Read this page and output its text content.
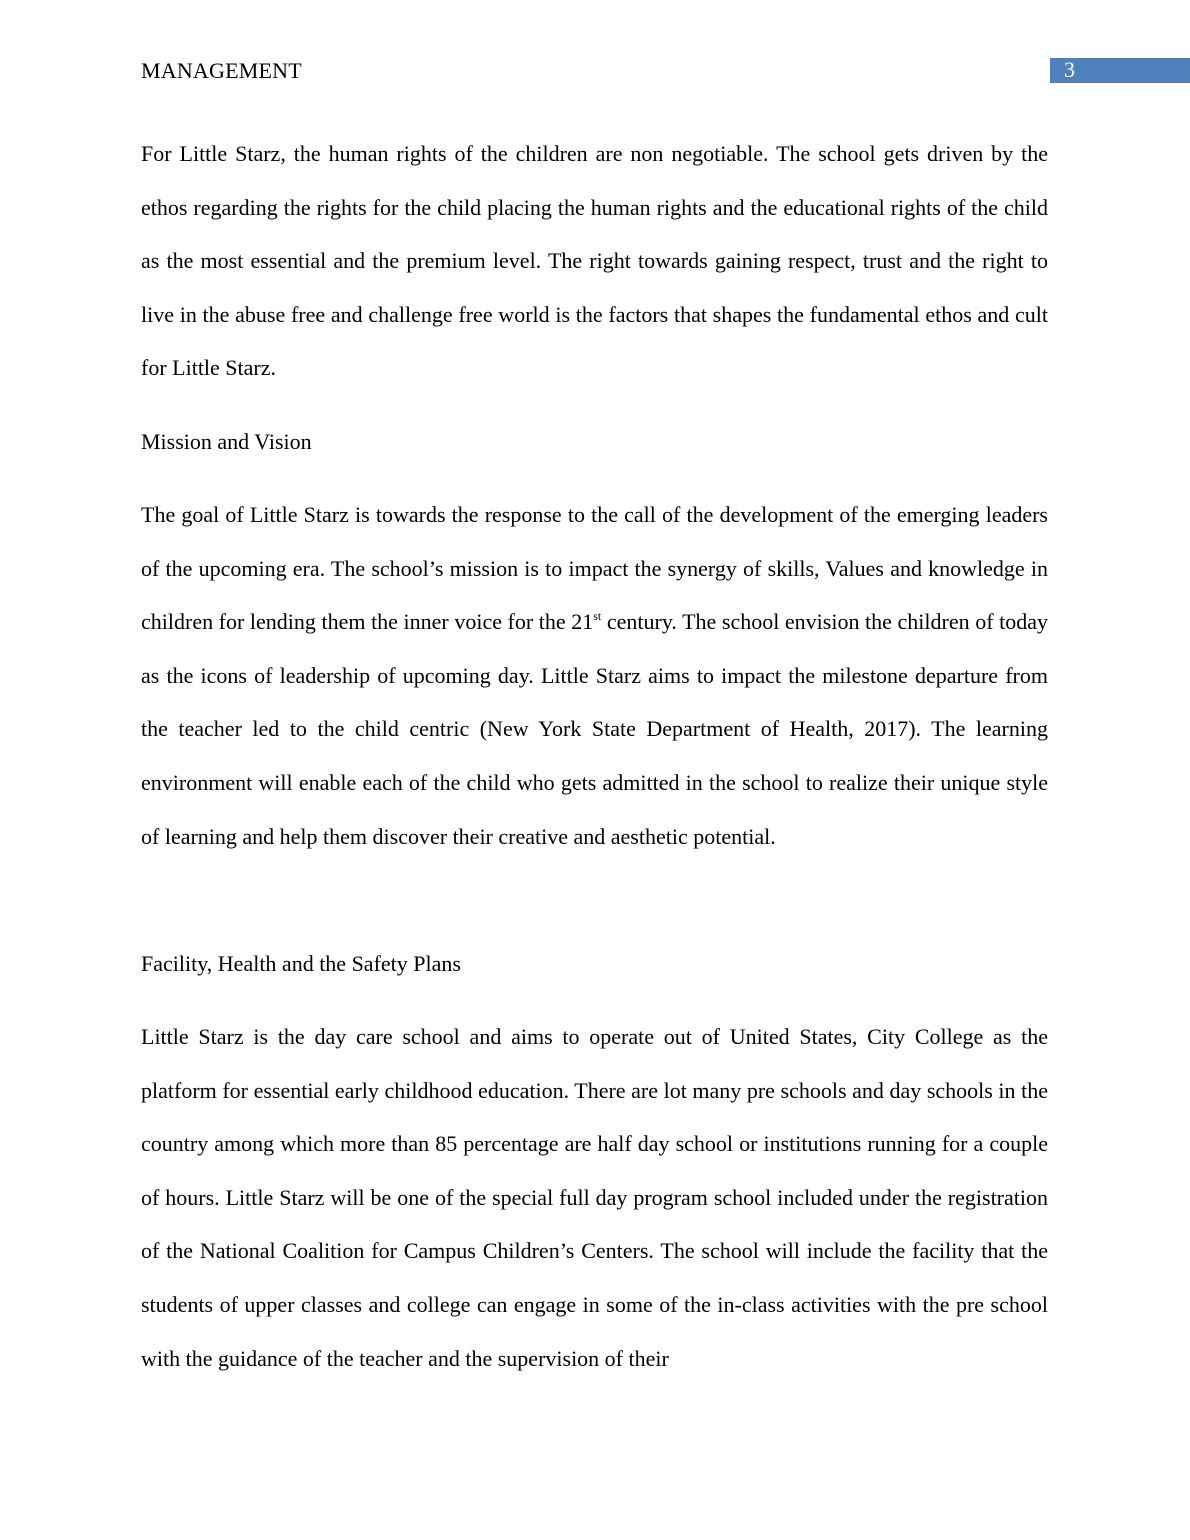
MANAGEMENT	3

For Little Starz, the human rights of the children are non negotiable. The school gets driven by the ethos regarding the rights for the child placing the human rights and the educational rights of the child as the most essential and the premium level. The right towards gaining respect, trust and the right to live in the abuse free and challenge free world is the factors that shapes the fundamental ethos and cult for Little Starz.

Mission and Vision

The goal of Little Starz is towards the response to the call of the development of the emerging leaders of the upcoming era. The school’s mission is to impact the synergy of skills, Values and knowledge in children for lending them the inner voice for the 21st century. The school envision the children of today as the icons of leadership of upcoming day. Little Starz aims to impact the milestone departure from the teacher led to the child centric (New York State Department of Health, 2017). The learning environment will enable each of the child who gets admitted in the school to realize their unique style of learning and help them discover their creative and aesthetic potential.

Facility, Health and the Safety Plans

Little Starz is the day care school and aims to operate out of United States, City College as the platform for essential early childhood education. There are lot many pre schools and day schools in the country among which more than 85 percentage are half day school or institutions running for a couple of hours. Little Starz will be one of the special full day program school included under the registration of the National Coalition for Campus Children’s Centers. The school will include the facility that the students of upper classes and college can engage in some of the in-class activities with the pre school with the guidance of the teacher and the supervision of their
